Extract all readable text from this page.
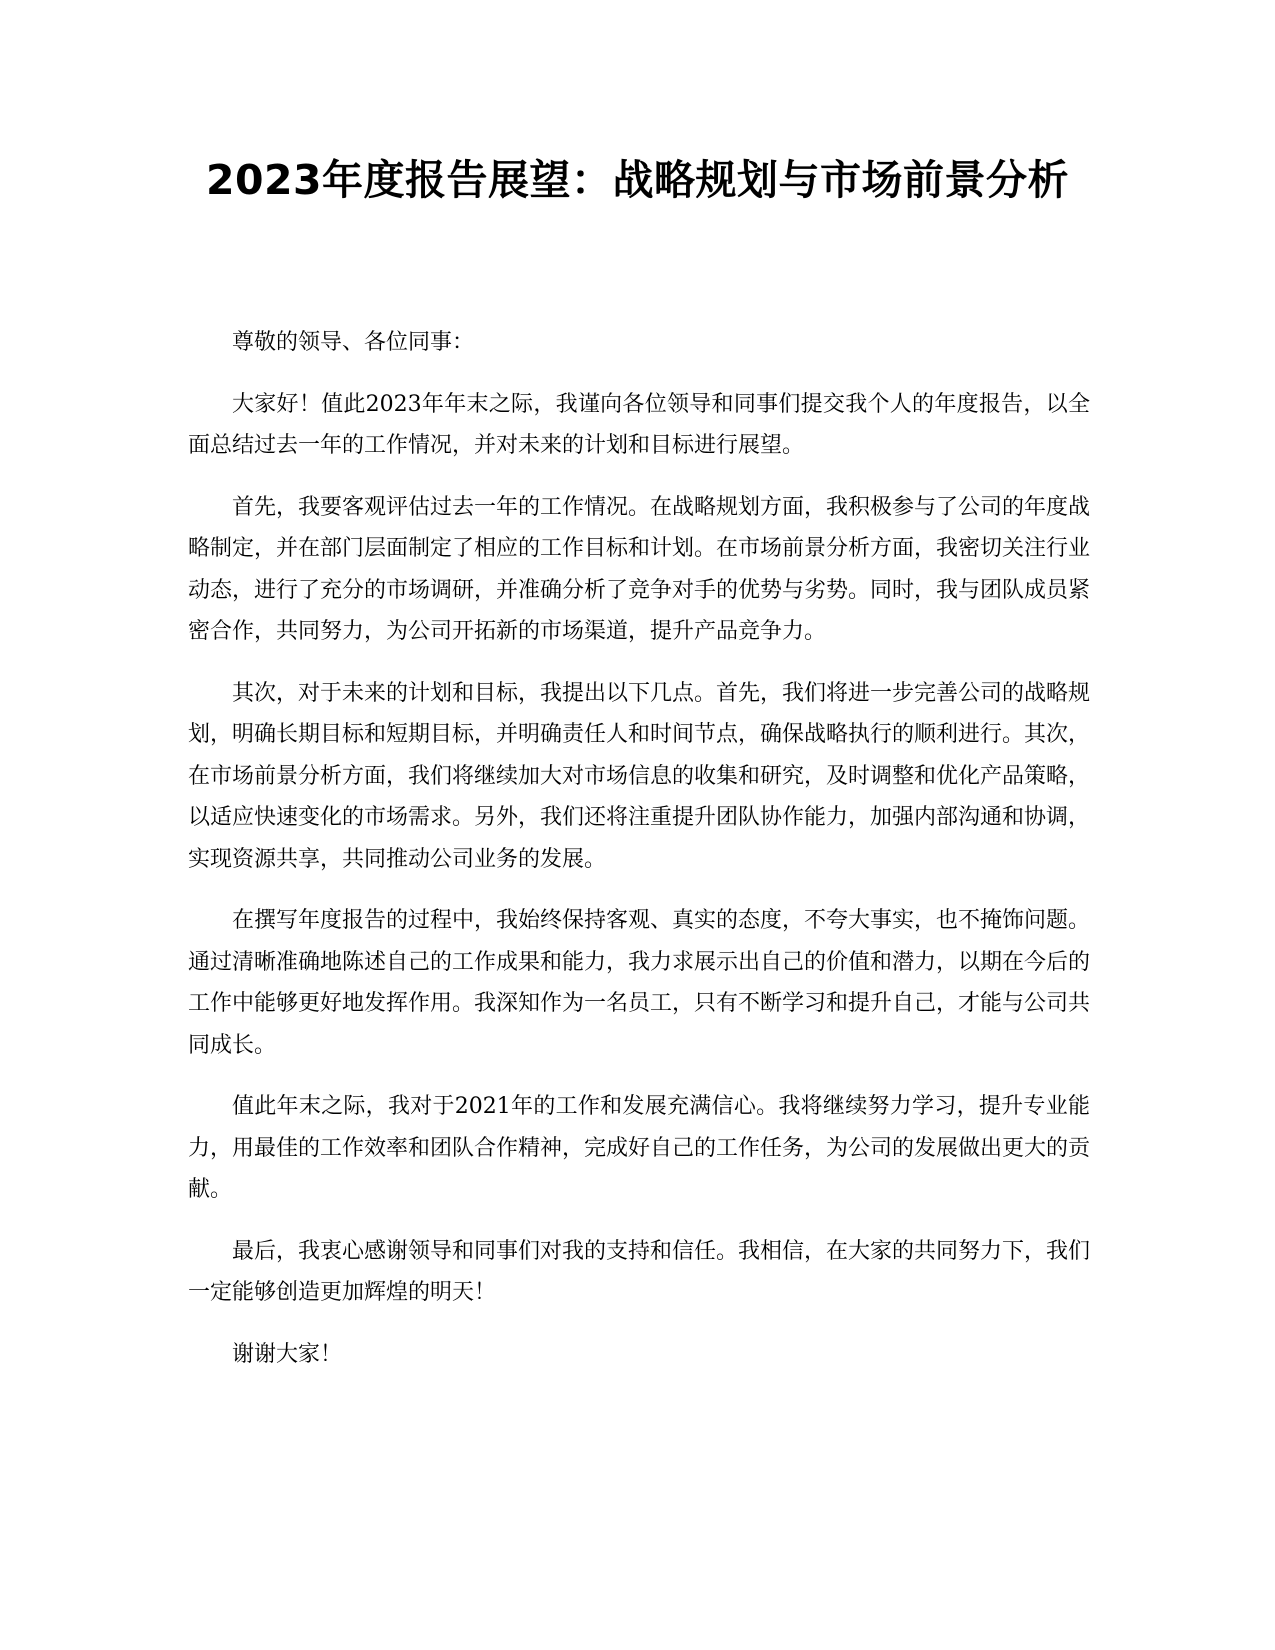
2023年度报告展望：战略规划与市场前景分析

尊敬的领导、各位同事：

大家好！值此2023年年末之际，我谨向各位领导和同事们提交我个人的年度报告，以全面总结过去一年的工作情况，并对未来的计划和目标进行展望。

首先，我要客观评估过去一年的工作情况。在战略规划方面，我积极参与了公司的年度战略制定，并在部门层面制定了相应的工作目标和计划。在市场前景分析方面，我密切关注行业动态，进行了充分的市场调研，并准确分析了竞争对手的优势与劣势。同时，我与团队成员紧密合作，共同努力，为公司开拓新的市场渠道，提升产品竞争力。

其次，对于未来的计划和目标，我提出以下几点。首先，我们将进一步完善公司的战略规划，明确长期目标和短期目标，并明确责任人和时间节点，确保战略执行的顺利进行。其次，在市场前景分析方面，我们将继续加大对市场信息的收集和研究，及时调整和优化产品策略，以适应快速变化的市场需求。另外，我们还将注重提升团队协作能力，加强内部沟通和协调，实现资源共享，共同推动公司业务的发展。

在撰写年度报告的过程中，我始终保持客观、真实的态度，不夸大事实，也不掩饰问题。通过清晰准确地陈述自己的工作成果和能力，我力求展示出自己的价值和潜力，以期在今后的工作中能够更好地发挥作用。我深知作为一名员工，只有不断学习和提升自己，才能与公司共同成长。

值此年末之际，我对于2021年的工作和发展充满信心。我将继续努力学习，提升专业能力，用最佳的工作效率和团队合作精神，完成好自己的工作任务，为公司的发展做出更大的贡献。

最后，我衷心感谢领导和同事们对我的支持和信任。我相信，在大家的共同努力下，我们一定能够创造更加辉煌的明天！

谢谢大家！
